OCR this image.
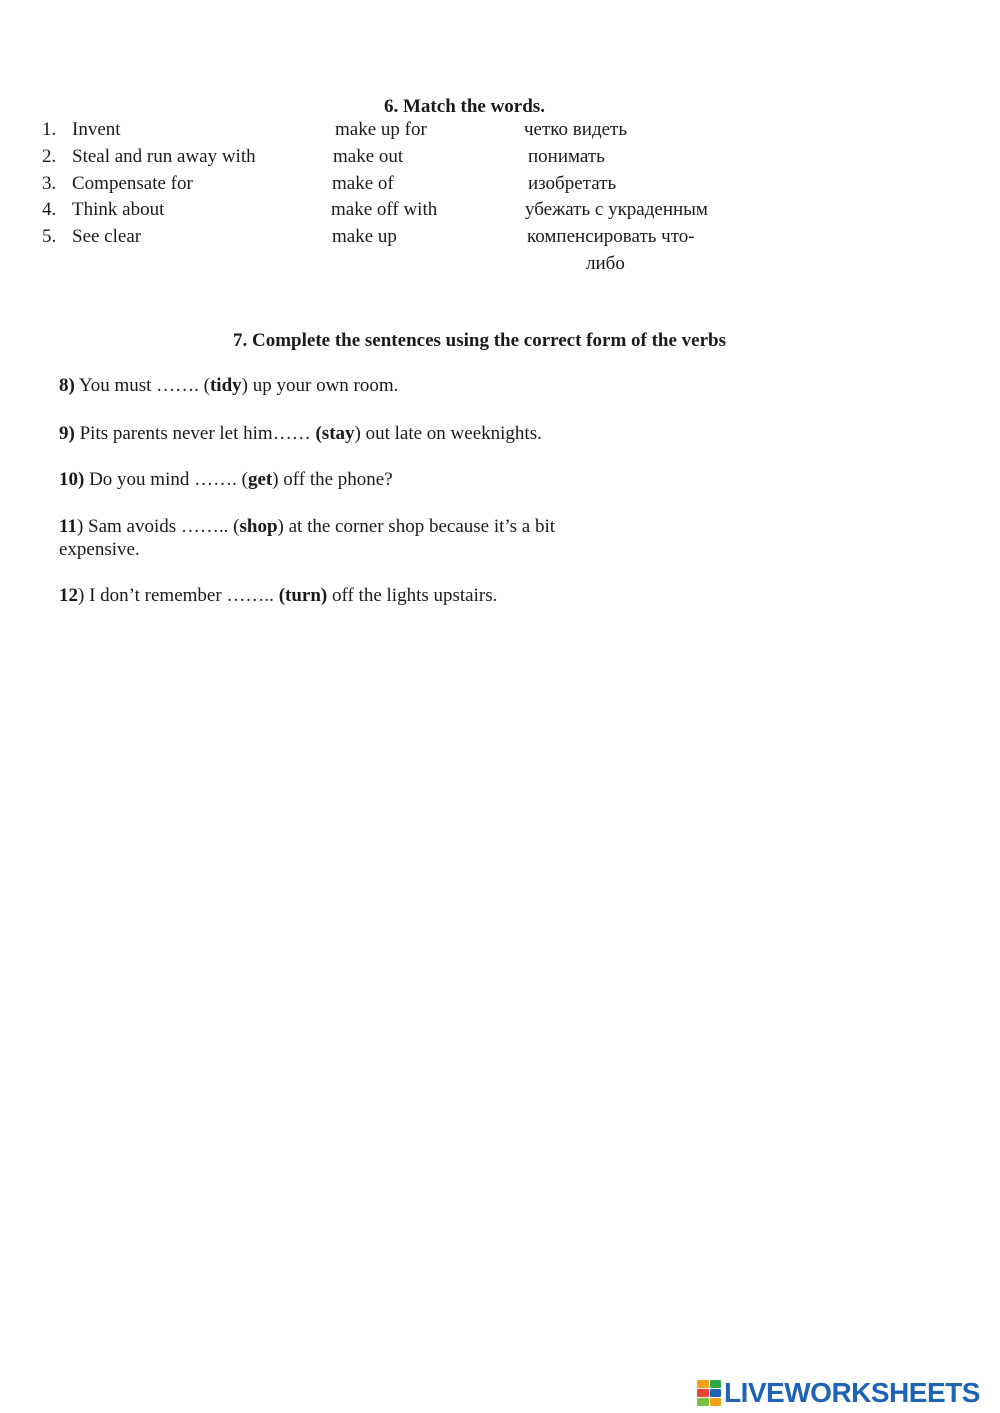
6. Match the words.
1. Invent	make up for	четко видеть
2. Steal and run away with	make out	понимать
3. Compensate for	make of	изобретать
4. Think about	make off with	убежать с украденным
5. See clear	make up	компенсировать что-
либо
7. Complete the sentences using the correct form of the verbs
8) You must ……. (tidy) up your own room.
9) Pits parents never let him…… (stay) out late on weeknights.
10) Do you mind ……. (get) off the phone?
11) Sam avoids …….. (shop) at the corner shop because it’s a bit
expensive.
12) I don’t remember …….. (turn) off the lights upstairs.
LIVEWORKSHEETS
